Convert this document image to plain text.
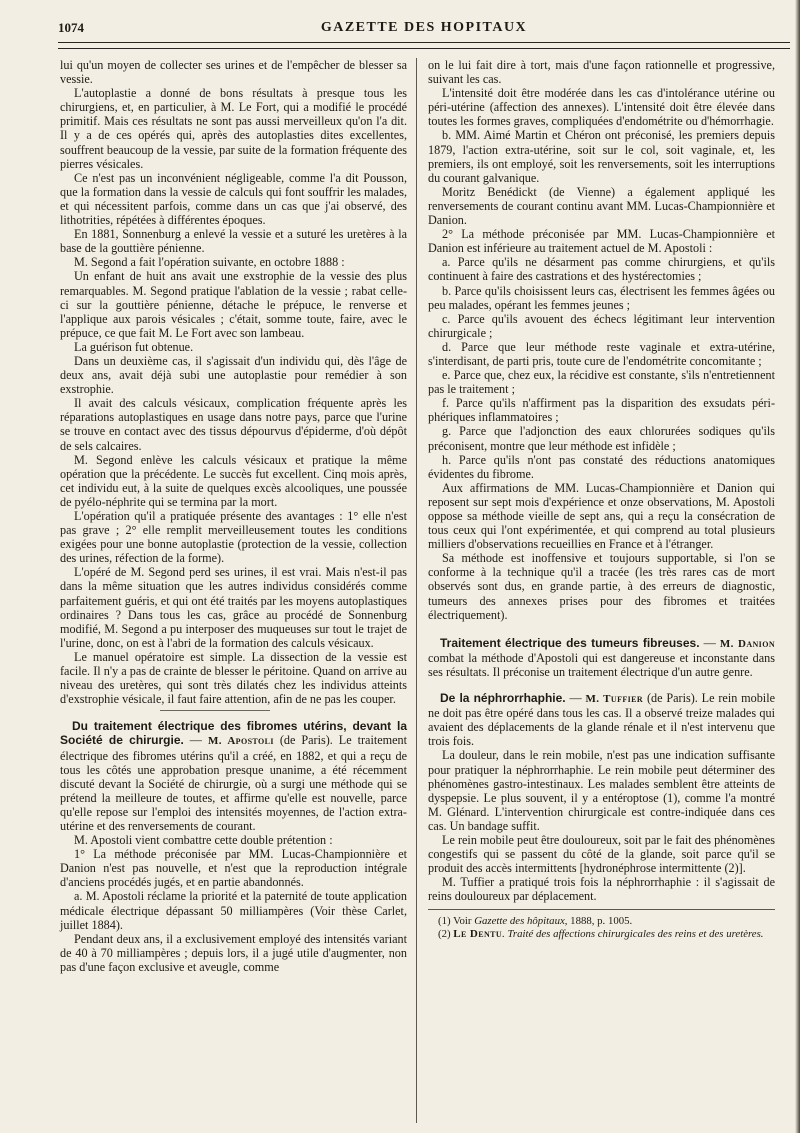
1074	GAZETTE DES HOPITAUX

lui qu'un moyen de collecter ses urines et de l'empêcher de blesser sa vessie.

L'autoplastie a donné de bons résultats à presque tous les chirurgiens, et, en particulier, à M. Le Fort, qui a modifié le procédé primitif. Mais ces résultats ne sont pas aussi merveilleux qu'on l'a dit. Il y a de ces opérés qui, après des autoplasties dites excellentes, souffrent beaucoup de la vessie, par suite de la formation fréquente des pierres vésicales.

Ce n'est pas un inconvénient négligeable, comme l'a dit Pousson, que la formation dans la vessie de calculs qui font souffrir les malades, et qui nécessitent parfois, comme dans un cas que j'ai observé, des lithotrities, répétées à différentes époques.

En 1881, Sonnenburg a enlevé la vessie et a suturé les uretères à la base de la gouttière pénienne.

M. Segond a fait l'opération suivante, en octobre 1888 :

Un enfant de huit ans avait une exstrophie de la vessie des plus remarquables. M. Segond pratique l'ablation de la vessie ; rabat celle-ci sur la gouttière pénienne, détache le prépuce, le renverse et l'applique aux parois vésicales ; c'était, somme toute, faire, avec le prépuce, ce que fait M. Le Fort avec son lambeau.

La guérison fut obtenue.

Dans un deuxième cas, il s'agissait d'un individu qui, dès l'âge de deux ans, avait déjà subi une autoplastie pour remédier à son exstrophie.

Il avait des calculs vésicaux, complication fréquente après les réparations autoplastiques en usage dans notre pays, parce que l'urine se trouve en contact avec des tissus dépourvus d'épiderme, d'où dépôt de sels calcaires.

M. Segond enlève les calculs vésicaux et pratique la même opération que la précédente. Le succès fut excellent. Cinq mois après, cet individu eut, à la suite de quelques excès alcooliques, une poussée de pyélo-néphrite qui se termina par la mort.

L'opération qu'il a pratiquée présente des avantages : 1° elle n'est pas grave ; 2° elle remplit merveilleusement toutes les conditions exigées pour une bonne autoplastie (protection de la vessie, collection des urines, réfection de la forme).

L'opéré de M. Segond perd ses urines, il est vrai. Mais n'est-il pas dans la même situation que les autres individus considérés comme parfaitement guéris, et qui ont été traités par les moyens autoplastiques ordinaires ? Dans tous les cas, grâce au procédé de Sonnenburg modifié, M. Segond a pu interposer des muqueuses sur tout le trajet de l'urine, donc, on est à l'abri de la formation des calculs vésicaux.

Le manuel opératoire est simple. La dissection de la vessie est facile. Il n'y a pas de crainte de blesser le péritoine. Quand on arrive au niveau des uretères, qui sont très dilatés chez les individus atteints d'exstrophie vésicale, il faut faire attention, afin de ne pas les couper.

Du traitement électrique des fibromes utérins, devant la Société de chirurgie. — M. Apostoli (de Paris). Le traitement électrique des fibromes utérins qu'il a créé, en 1882, et qui a reçu de tous les côtés une approbation presque unanime, a été récemment discuté devant la Société de chirurgie, où a surgi une méthode qui se prétend la meilleure de toutes, et affirme qu'elle est nouvelle, parce qu'elle repose sur l'emploi des intensités moyennes, de l'action extra-utérine et des renversements de courant.

M. Apostoli vient combattre cette double prétention :

1° La méthode préconisée par MM. Lucas-Championnière et Danion n'est pas nouvelle, et n'est que la reproduction intégrale d'anciens procédés jugés, et en partie abandonnés.

a. M. Apostoli réclame la priorité et la paternité de toute application médicale électrique dépassant 50 milliampères (Voir thèse Carlet, juillet 1884).

Pendant deux ans, il a exclusivement employé des intensités variant de 40 à 70 milliampères ; depuis lors, il a jugé utile d'augmenter, non pas d'une façon exclusive et aveugle, comme

on le lui fait dire à tort, mais d'une façon rationnelle et progressive, suivant les cas.

L'intensité doit être modérée dans les cas d'intolérance utérine ou péri-utérine (affection des annexes). L'intensité doit être élevée dans toutes les formes graves, compliquées d'endométrite ou d'hémorrhagie.

b. MM. Aimé Martin et Chéron ont préconisé, les premiers depuis 1879, l'action extra-utérine, soit sur le col, soit vaginale, et, les premiers, ils ont employé, soit les renversements, soit les interruptions du courant galvanique.

Moritz Benédickt (de Vienne) a également appliqué les renversements de courant continu avant MM. Lucas-Championnière et Danion.

2° La méthode préconisée par MM. Lucas-Championnière et Danion est inférieure au traitement actuel de M. Apostoli :

a. Parce qu'ils ne désarment pas comme chirurgiens, et qu'ils continuent à faire des castrations et des hystérectomies ;

b. Parce qu'ils choisissent leurs cas, électrisent les femmes âgées ou peu malades, opérant les femmes jeunes ;

c. Parce qu'ils avouent des échecs légitimant leur intervention chirurgicale ;

d. Parce que leur méthode reste vaginale et extra-utérine, s'interdisant, de parti pris, toute cure de l'endométrite concomitante ;

e. Parce que, chez eux, la récidive est constante, s'ils n'entretiennent pas le traitement ;

f. Parce qu'ils n'affirment pas la disparition des exsudats péri-phériques inflammatoires ;

g. Parce que l'adjonction des eaux chlorurées sodiques qu'ils préconisent, montre que leur méthode est infidèle ;

h. Parce qu'ils n'ont pas constaté des réductions anatomiques évidentes du fibrome.

Aux affirmations de MM. Lucas-Championnière et Danion qui reposent sur sept mois d'expérience et onze observations, M. Apostoli oppose sa méthode vieille de sept ans, qui a reçu la consécration de tous ceux qui l'ont expérimentée, et qui comprend au total plusieurs milliers d'observations recueillies en France et à l'étranger.

Sa méthode est inoffensive et toujours supportable, si l'on se conforme à la technique qu'il a tracée (les très rares cas de mort observés sont dus, en grande partie, à des erreurs de diagnostic, tumeurs des annexes prises pour des fibromes et traitées électriquement).

Traitement électrique des tumeurs fibreuses. — M. Danion combat la méthode d'Apostoli qui est dangereuse et inconstante dans ses résultats. Il préconise un traitement électrique d'un autre genre.

De la néphrorrhaphie. — M. Tuffier (de Paris). Le rein mobile ne doit pas être opéré dans tous les cas. Il a observé treize malades qui avaient des déplacements de la glande rénale et il n'est intervenu que trois fois.

La douleur, dans le rein mobile, n'est pas une indication suffisante pour pratiquer la néphrorrhaphie. Le rein mobile peut déterminer des phénomènes gastro-intestinaux. Les malades semblent être atteints de dyspepsie. Le plus souvent, il y a entéroptose (1), comme l'a montré M. Glénard. L'intervention chirurgicale est contre-indiquée dans ces cas. Un bandage suffit.

Le rein mobile peut être douloureux, soit par le fait des phénomènes congestifs qui se passent du côté de la glande, soit parce qu'il se produit des accès intermittents [hydronéphrose intermittente (2)].

M. Tuffier a pratiqué trois fois la néphrorrhaphie : il s'agissait de reins douloureux par déplacement.

(1) Voir Gazette des hôpitaux, 1888, p. 1005.

(2) Le Dentu. Traité des affections chirurgicales des reins et des uretères.
